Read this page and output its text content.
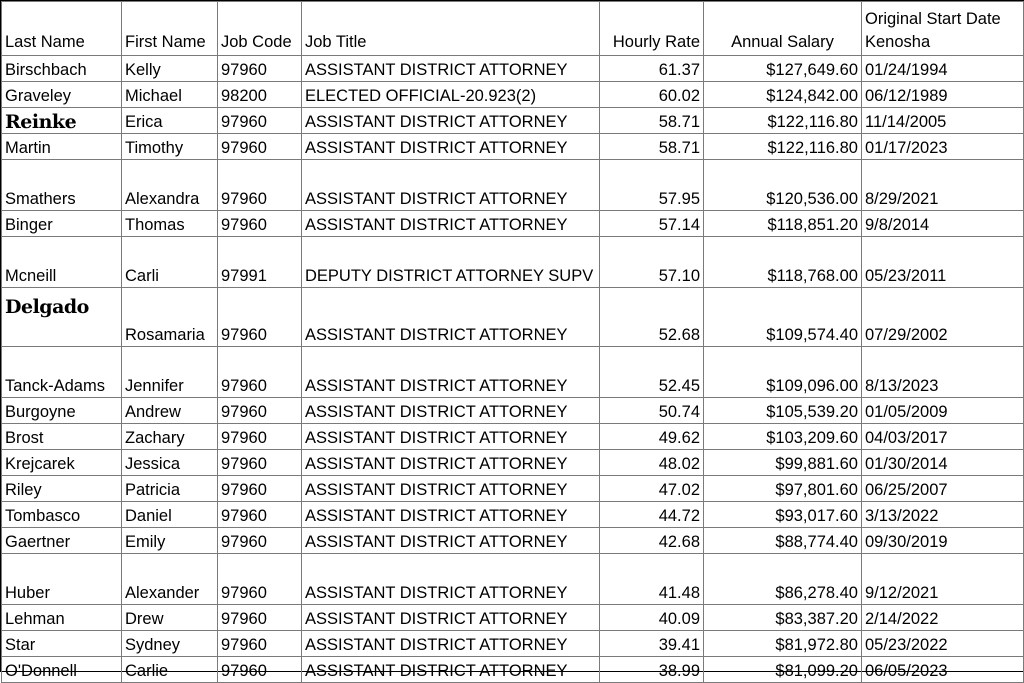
Last Name	First Name	Job Code	Job Title	Hourly Rate	Annual Salary	Original Start Date
Kenosha

Birschbach	Kelly	97960	ASSISTANT DISTRICT ATTORNEY	61.37	$127,649.60	01/24/1994
Graveley	Michael	98200	ELECTED OFFICIAL-20.923(2)	60.02	$124,842.00	06/12/1989
Reinke	Erica	97960	ASSISTANT DISTRICT ATTORNEY	58.71	$122,116.80	11/14/2005
Martin	Timothy	97960	ASSISTANT DISTRICT ATTORNEY	58.71	$122,116.80	01/17/2023
Smathers	Alexandra	97960	ASSISTANT DISTRICT ATTORNEY	57.95	$120,536.00	8/29/2021
Binger	Thomas	97960	ASSISTANT DISTRICT ATTORNEY	57.14	$118,851.20	9/8/2014
Mcneill	Carli	97991	DEPUTY DISTRICT ATTORNEY SUPV	57.10	$118,768.00	05/23/2011
Delgado	Rosamaria	97960	ASSISTANT DISTRICT ATTORNEY	52.68	$109,574.40	07/29/2002
Tanck-Adams	Jennifer	97960	ASSISTANT DISTRICT ATTORNEY	52.45	$109,096.00	8/13/2023
Burgoyne	Andrew	97960	ASSISTANT DISTRICT ATTORNEY	50.74	$105,539.20	01/05/2009
Brost	Zachary	97960	ASSISTANT DISTRICT ATTORNEY	49.62	$103,209.60	04/03/2017
Krejcarek	Jessica	97960	ASSISTANT DISTRICT ATTORNEY	48.02	$99,881.60	01/30/2014
Riley	Patricia	97960	ASSISTANT DISTRICT ATTORNEY	47.02	$97,801.60	06/25/2007
Tombasco	Daniel	97960	ASSISTANT DISTRICT ATTORNEY	44.72	$93,017.60	3/13/2022
Gaertner	Emily	97960	ASSISTANT DISTRICT ATTORNEY	42.68	$88,774.40	09/30/2019
Huber	Alexander	97960	ASSISTANT DISTRICT ATTORNEY	41.48	$86,278.40	9/12/2021
Lehman	Drew	97960	ASSISTANT DISTRICT ATTORNEY	40.09	$83,387.20	2/14/2022
Star	Sydney	97960	ASSISTANT DISTRICT ATTORNEY	39.41	$81,972.80	05/23/2022
O'Donnell	Carlie	97960	ASSISTANT DISTRICT ATTORNEY	38.99	$81,099.20	06/05/2023
